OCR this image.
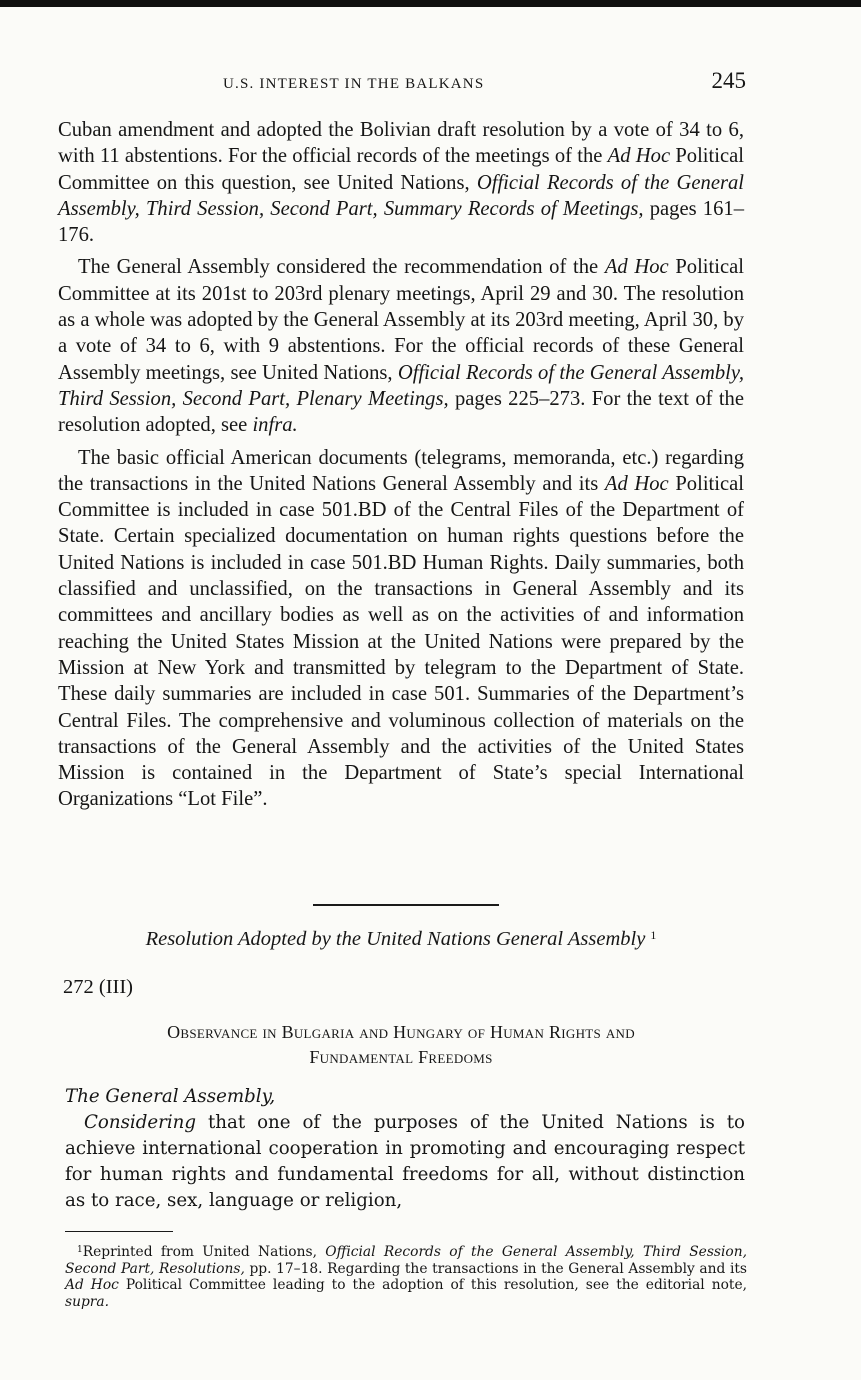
U.S. INTEREST IN THE BALKANS	245

Cuban amendment and adopted the Bolivian draft resolution by a vote of 34 to 6, with 11 abstentions. For the official records of the meetings of the Ad Hoc Political Committee on this question, see United Nations, Official Records of the General Assembly, Third Session, Second Part, Summary Records of Meetings, pages 161–176.

The General Assembly considered the recommendation of the Ad Hoc Political Committee at its 201st to 203rd plenary meetings, April 29 and 30. The resolution as a whole was adopted by the General Assembly at its 203rd meeting, April 30, by a vote of 34 to 6, with 9 abstentions. For the official records of these General Assembly meetings, see United Nations, Official Records of the General Assembly, Third Session, Second Part, Plenary Meetings, pages 225–273. For the text of the resolution adopted, see infra.

The basic official American documents (telegrams, memoranda, etc.) regarding the transactions in the United Nations General Assembly and its Ad Hoc Political Committee is included in case 501.BD of the Central Files of the Department of State. Certain specialized documentation on human rights questions before the United Nations is included in case 501.BD Human Rights. Daily summaries, both classified and unclassified, on the transactions in General Assembly and its committees and ancillary bodies as well as on the activities of and information reaching the United States Mission at the United Nations were prepared by the Mission at New York and transmitted by telegram to the Department of State. These daily summaries are included in case 501. Summaries of the Department’s Central Files. The comprehensive and voluminous collection of materials on the transactions of the General Assembly and the activities of the United States Mission is contained in the Department of State’s special International Organizations “Lot File”.

Resolution Adopted by the United Nations General Assembly $^1$
272 (III)
Observance in Bulgaria and Hungary of Human Rights and
Fundamental Freedoms

The General Assembly,

Considering that one of the purposes of the United Nations is to achieve international cooperation in promoting and encouraging respect for human rights and fundamental freedoms for all, without distinction as to race, sex, language or religion,

$^1$Reprinted from United Nations, Official Records of the General Assembly, Third Session, Second Part, Resolutions, pp. 17–18. Regarding the transactions in the General Assembly and its Ad Hoc Political Committee leading to the adoption of this resolution, see the editorial note, supra.
